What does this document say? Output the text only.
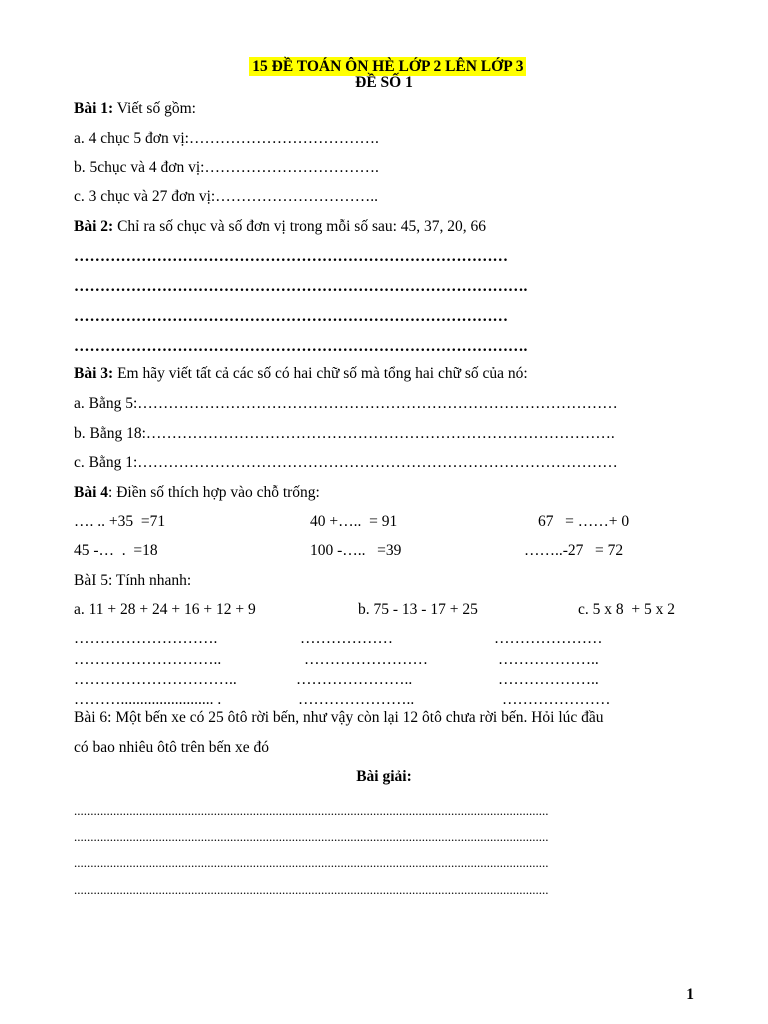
15 ĐỀ TOÁN ÔN HÈ LỚP 2 LÊN LỚP 3

ĐỀ SỐ 1
Bài 1: Viết số gồm:
a. 4 chục 5 đơn vị:……………………………….
b. 5chục và 4 đơn vị:…………………………….
c. 3 chục và 27 đơn vị:…………………………..
Bài 2: Chỉ ra số chục và số đơn vị trong mỗi số sau: 45, 37, 20, 66
…………………………………………………………………………
…………………………………………………………………………….
…………………………………………………………………………
…………………………………………………………………………….
Bài 3: Em hãy viết tất cả các số có hai chữ số mà tổng hai chữ số của nó:
a. Bằng 5:…………………………………………………………………………………
b. Bằng 18:……………………………………………………………………………….
c. Bằng 1:…………………………………………………………………………………
Bài 4: Điền số thích hợp vào chỗ trống:
…. .. +35  =71	40 +…..  = 91	67   = ……+ 0
45 -…  .  =18	100 -…..   =39	……..-27   = 72
BàI 5: Tính nhanh:
a. 11 + 28 + 24 + 16 + 12 + 9	b. 75 - 13 - 17 + 25	c. 5 x 8  + 5 x 2
……………………….	………………	…………………
………………………..	……………………	………………..
…………………………..	…………………..	………………..
………........................ .	…………………..	…………………
Bài 6: Một bến xe có 25 ôtô rời bến, như vậy còn lại 12 ôtô chưa rời bến. Hỏi lúc đầu
có bao nhiêu ôtô trên bến xe đó
Bài giải:
..................................................................................................................................................
..................................................................................................................................................
..................................................................................................................................................
..................................................................................................................................................
1
